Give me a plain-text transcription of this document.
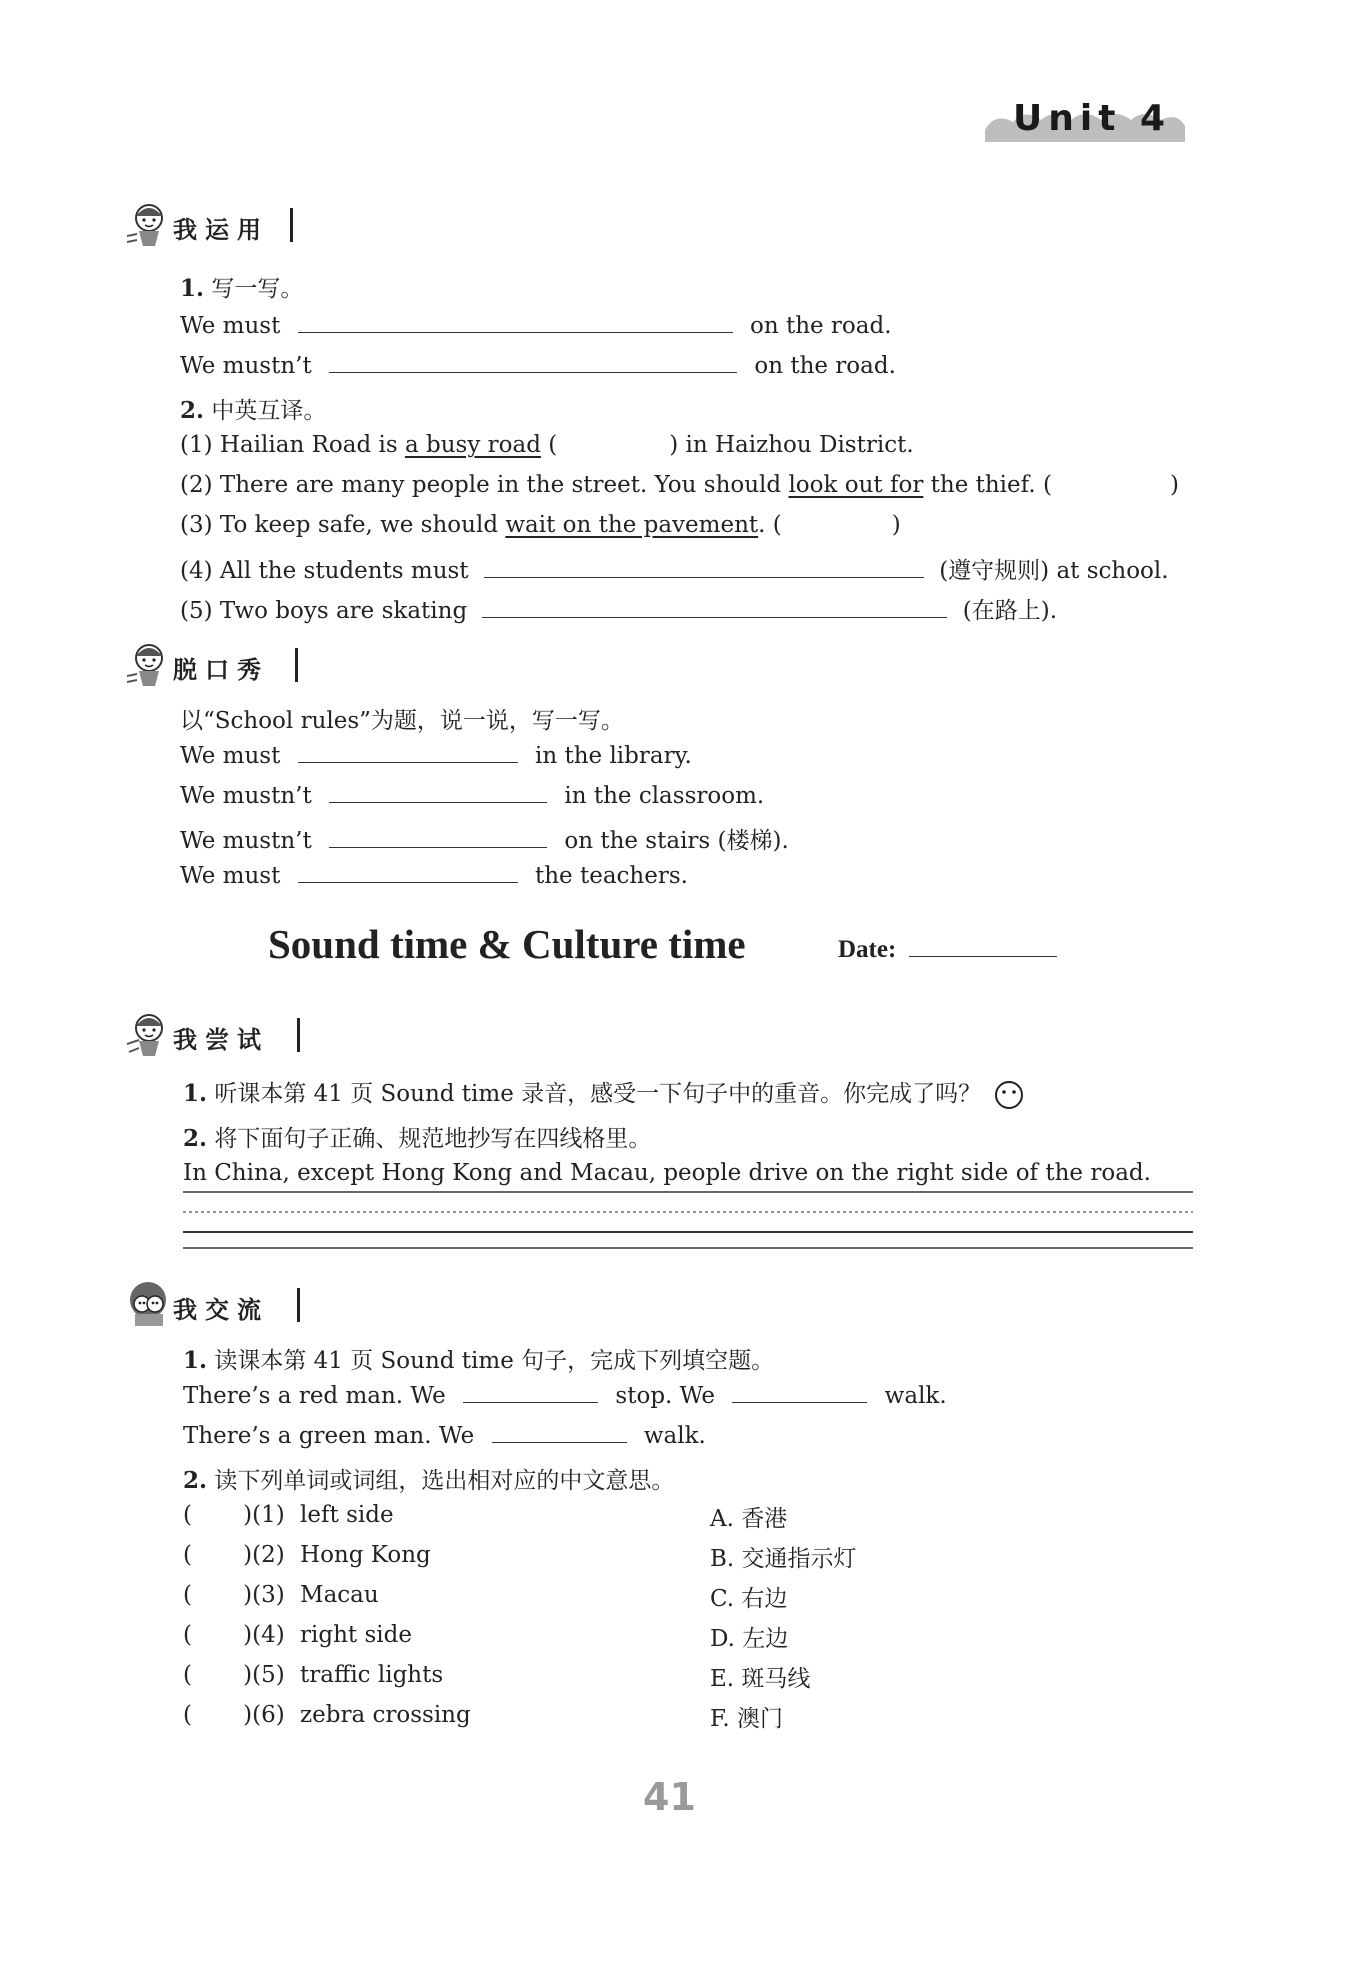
Unit 4
我运用
1. 写一写。
We must	on the road.
We mustn’t	on the road.
2. 中英互译。
(1) Hailian Road is a busy road (	) in Haizhou District.
(2) There are many people in the street. You should look out for the thief. (	)
(3) To keep safe, we should wait on the pavement. (	)
(4) All the students must	(遵守规则) at school.
(5) Two boys are skating	(在路上).
脱口秀
以“School rules”为题，说一说，写一写。
We must	in the library.
We mustn’t	in the classroom.
We mustn’t	on the stairs (楼梯).
We must	the teachers.
Sound time & Culture time	Date:
我尝试
1. 听课本第 41 页 Sound time 录音，感受一下句子中的重音。你完成了吗？
2. 将下面句子正确、规范地抄写在四线格里。
In China, except Hong Kong and Macau, people drive on the right side of the road.
我交流
1. 读课本第 41 页 Sound time 句子，完成下列填空题。
There’s a red man. We	stop. We	walk.
There’s a green man. We	walk.
2. 读下列单词或词组，选出相对应的中文意思。
(       )(1) left side	A. 香港
(       )(2) Hong Kong	B. 交通指示灯
(       )(3) Macau	C. 右边
(       )(4) right side	D. 左边
(       )(5) traffic lights	E. 斑马线
(       )(6) zebra crossing	F. 澳门
41
